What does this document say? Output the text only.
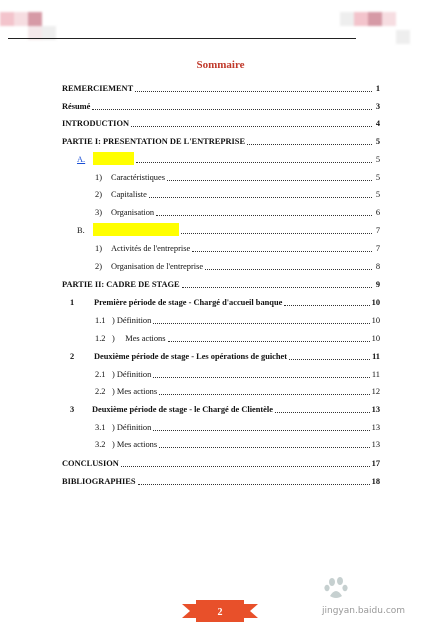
Sommaire
REMERCIEMENT	1
Résumé	3
INTRODUCTION	4
PARTIE I: PRESENTATION DE L'ENTREPRISE	5
A.	5
1) Caractéristiques	5
2) Capitaliste	5
3) Organisation	6
B.	7
1) Activités de l'entreprise	7
2) Organisation de l'entreprise	8
PARTIE II: CADRE DE STAGE	9
1 Première période de stage - Chargé d'accueil banque	10
1.1 ) Définition	10
1.2 )     Mes actions	10
2 Deuxième période de stage - Les opérations de guichet	11
2.1 ) Définition	11
2.2 ) Mes actions	12
3 Deuxième période de stage - le Chargé de Clientèle	13
3.1 ) Définition	13
3.2 ) Mes actions	13
CONCLUSION	17
BIBLIOGRAPHIES	18
2	jingyan.baidu.com
